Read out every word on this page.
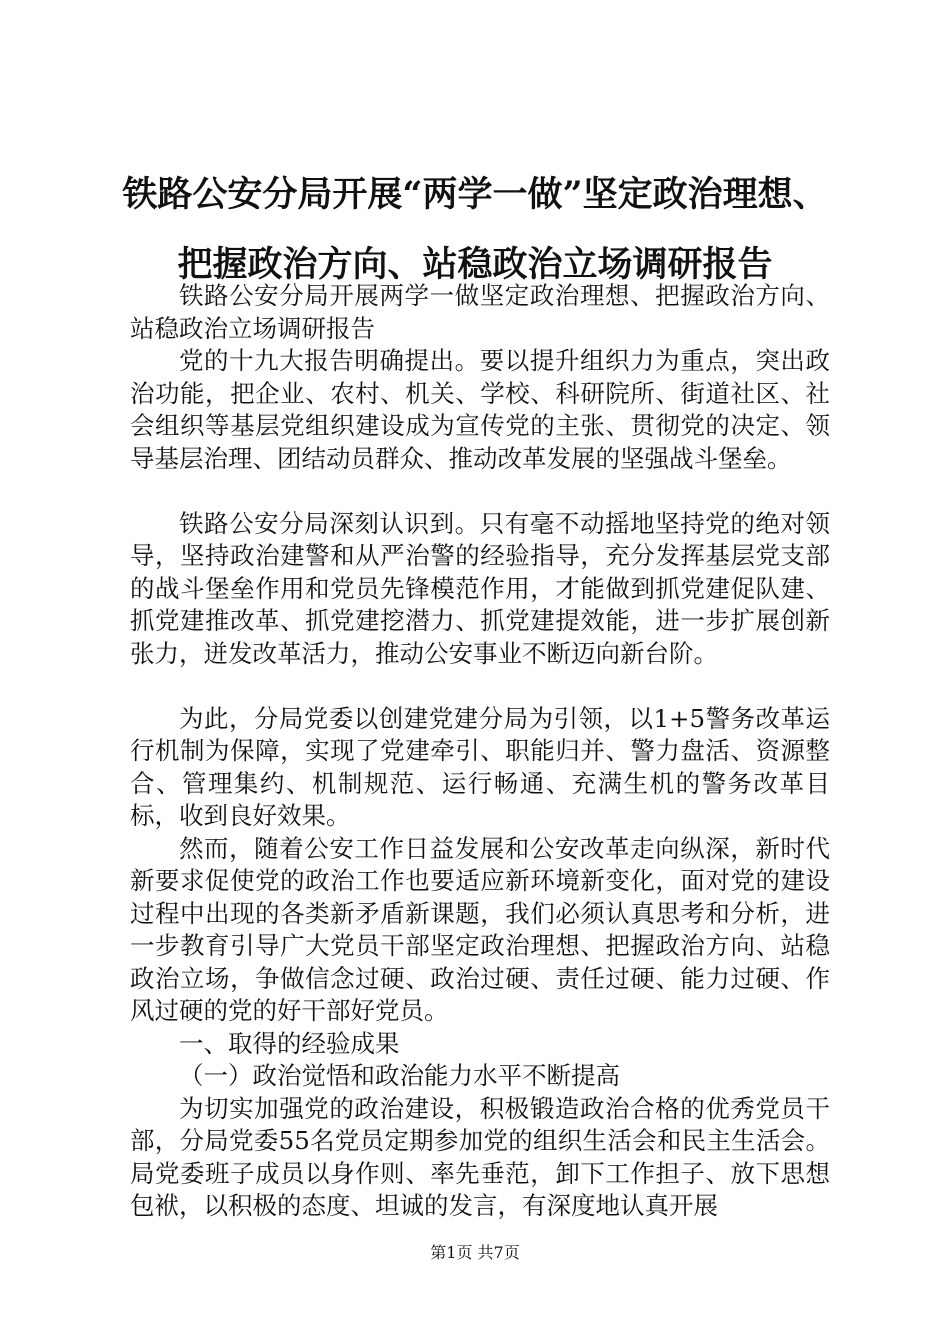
铁路公安分局开展“两学一做”坚定政治理想、
把握政治方向、站稳政治立场调研报告

铁路公安分局开展两学一做坚定政治理想、把握政治方向、站稳政治立场调研报告

党的十九大报告明确提出。要以提升组织力为重点，突出政治功能，把企业、农村、机关、学校、科研院所、街道社区、社会组织等基层党组织建设成为宣传党的主张、贯彻党的决定、领导基层治理、团结动员群众、推动改革发展的坚强战斗堡垒。

铁路公安分局深刻认识到。只有毫不动摇地坚持党的绝对领导，坚持政治建警和从严治警的经验指导，充分发挥基层党支部的战斗堡垒作用和党员先锋模范作用，才能做到抓党建促队建、抓党建推改革、抓党建挖潜力、抓党建提效能，进一步扩展创新张力，迸发改革活力，推动公安事业不断迈向新台阶。

为此，分局党委以创建党建分局为引领，以1+5警务改革运行机制为保障，实现了党建牵引、职能归并、警力盘活、资源整合、管理集约、机制规范、运行畅通、充满生机的警务改革目标，收到良好效果。

然而，随着公安工作日益发展和公安改革走向纵深，新时代新要求促使党的政治工作也要适应新环境新变化，面对党的建设过程中出现的各类新矛盾新课题，我们必须认真思考和分析，进一步教育引导广大党员干部坚定政治理想、把握政治方向、站稳政治立场，争做信念过硬、政治过硬、责任过硬、能力过硬、作风过硬的党的好干部好党员。

一、取得的经验成果

（一）政治觉悟和政治能力水平不断提高

为切实加强党的政治建设，积极锻造政治合格的优秀党员干部，分局党委55名党员定期参加党的组织生活会和民主生活会。局党委班子成员以身作则、率先垂范，卸下工作担子、放下思想包袱，以积极的态度、坦诚的发言，有深度地认真开展

第1页 共7页
